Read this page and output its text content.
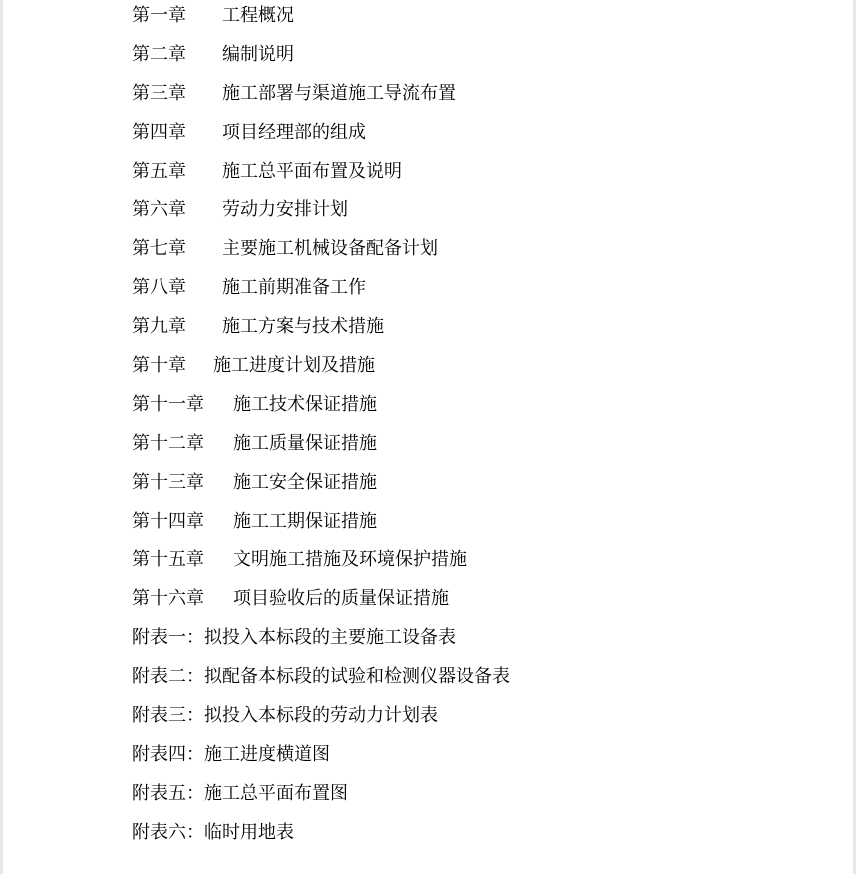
第一章 工程概况
第二章 编制说明
第三章 施工部署与渠道施工导流布置
第四章 项目经理部的组成
第五章 施工总平面布置及说明
第六章 劳动力安排计划
第七章 主要施工机械设备配备计划
第八章 施工前期准备工作
第九章 施工方案与技术措施
第十章 施工进度计划及措施
第十一章 施工技术保证措施
第十二章 施工质量保证措施
第十三章 施工安全保证措施
第十四章 施工工期保证措施
第十五章 文明施工措施及环境保护措施
第十六章 项目验收后的质量保证措施
附表一：拟投入本标段的主要施工设备表
附表二：拟配备本标段的试验和检测仪器设备表
附表三：拟投入本标段的劳动力计划表
附表四：施工进度横道图
附表五：施工总平面布置图
附表六：临时用地表
